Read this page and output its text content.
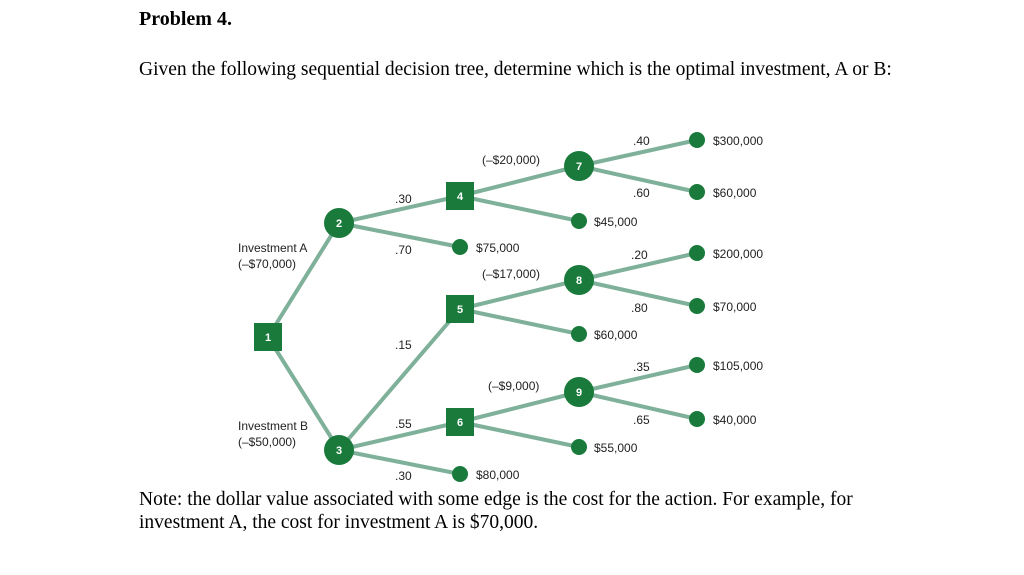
Problem 4.
Given the following sequential decision tree, determine which is the optimal investment, A or B:
1
2
3
4
5
6
7
8
9
Investment A
(–$70,000)
Investment B
(–$50,000)
.30
.70
.15
.55
.30
(–$20,000)
(–$17,000)
(–$9,000)
.40
.60
.20
.80
.35
.65
$300,000
$60,000
$45,000
$75,000	$200,000
$70,000
$60,000
$105,000
$40,000
$55,000
$80,000
Note: the dollar value associated with some edge is the cost for the action. For example, for investment A, the cost for investment A is $70,000.
